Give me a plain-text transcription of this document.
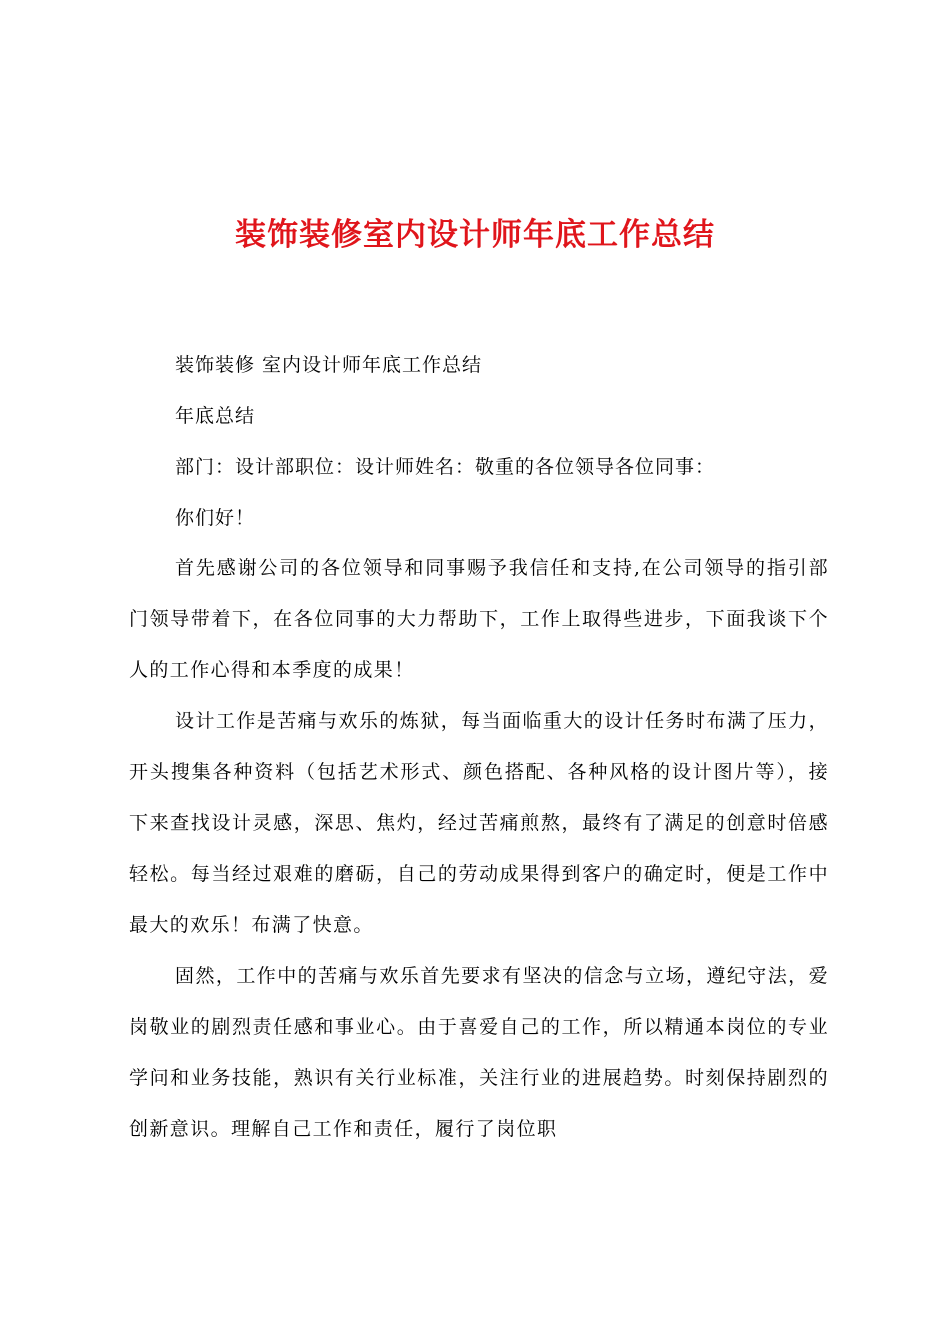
装饰装修室内设计师年底工作总结

装饰装修 室内设计师年底工作总结

年底总结

部门：设计部职位：设计师姓名：敬重的各位领导各位同事：

你们好！

首先感谢公司的各位领导和同事赐予我信任和支持,在公司领导的指引部门领导带着下，在各位同事的大力帮助下，工作上取得些进步，下面我谈下个人的工作心得和本季度的成果！

设计工作是苦痛与欢乐的炼狱，每当面临重大的设计任务时布满了压力，开头搜集各种资料（包括艺术形式、颜色搭配、各种风格的设计图片等），接下来查找设计灵感，深思、焦灼，经过苦痛煎熬，最终有了满足的创意时倍感轻松。每当经过艰难的磨砺，自己的劳动成果得到客户的确定时，便是工作中最大的欢乐！布满了快意。

固然，工作中的苦痛与欢乐首先要求有坚决的信念与立场，遵纪守法，爱岗敬业的剧烈责任感和事业心。由于喜爱自己的工作，所以精通本岗位的专业学问和业务技能，熟识有关行业标准，关注行业的进展趋势。时刻保持剧烈的创新意识。理解自己工作和责任，履行了岗位职
